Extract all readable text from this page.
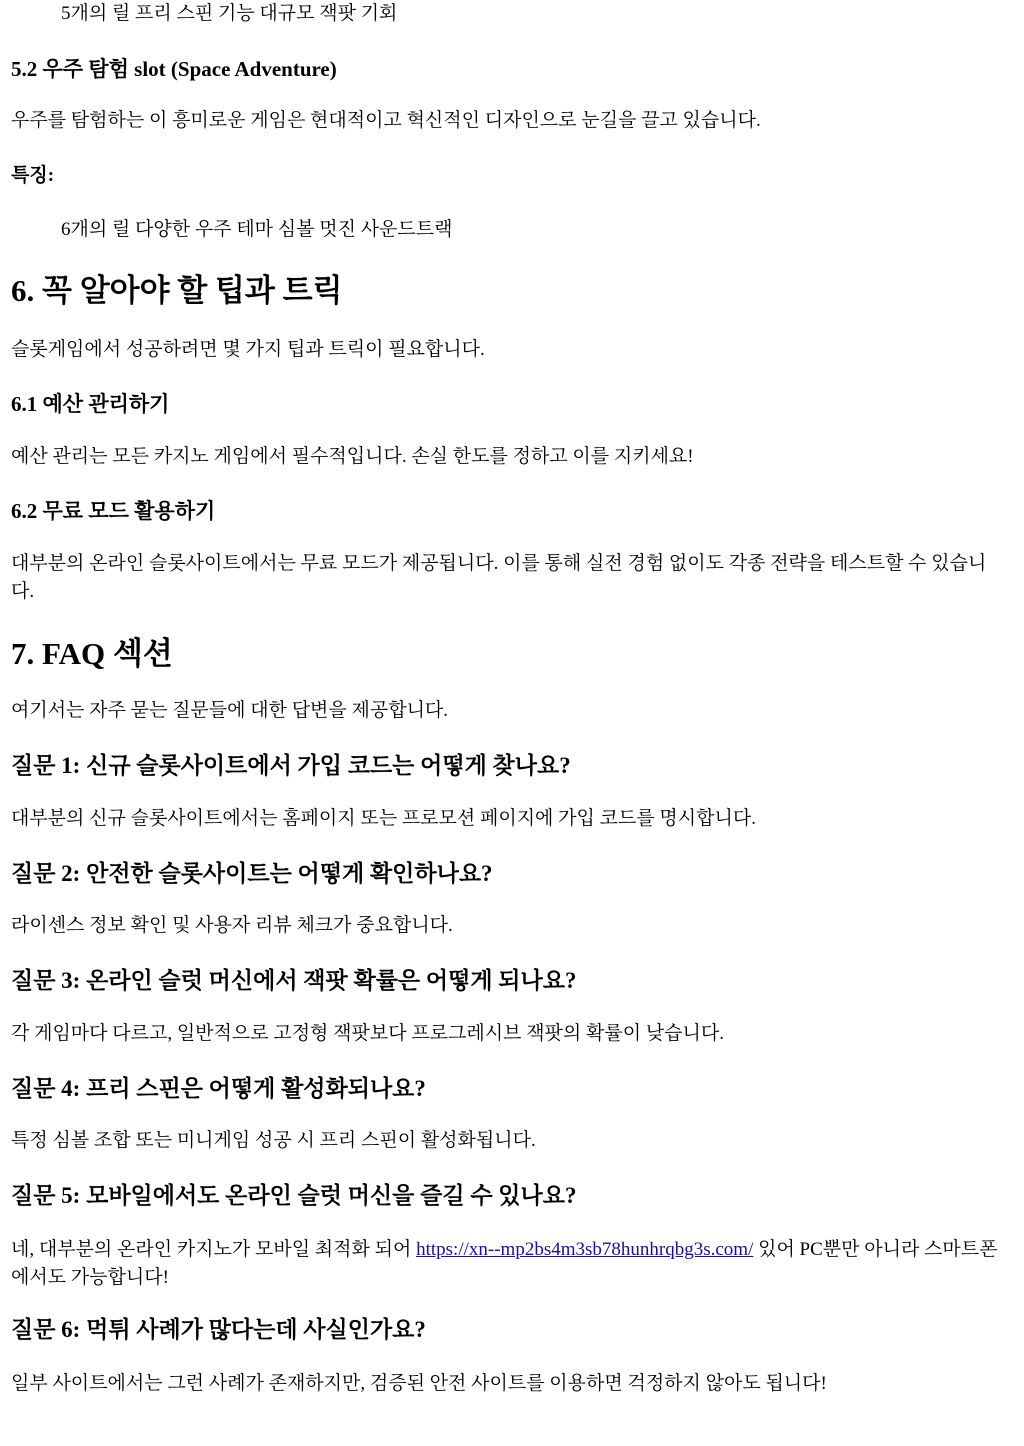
5개의 릴 프리 스핀 기능 대규모 잭팟 기회
5.2 우주 탐험 slot (Space Adventure)

우주를 탐험하는 이 흥미로운 게임은 현대적이고 혁신적인 디자인으로 눈길을 끌고 있습니다.

특징:

6개의 릴 다양한 우주 테마 심볼 멋진 사운드트랙
6. 꼭 알아야 할 팁과 트릭

슬롯게임에서 성공하려면 몇 가지 팁과 트릭이 필요합니다.

6.1 예산 관리하기

예산 관리는 모든 카지노 게임에서 필수적입니다. 손실 한도를 정하고 이를 지키세요!

6.2 무료 모드 활용하기

대부분의 온라인 슬롯사이트에서는 무료 모드가 제공됩니다. 이를 통해 실전 경험 없이도 각종 전략을 테스트할 수 있습니다.

7. FAQ 섹션

여기서는 자주 묻는 질문들에 대한 답변을 제공합니다.

질문 1: 신규 슬롯사이트에서 가입 코드는 어떻게 찾나요?

대부분의 신규 슬롯사이트에서는 홈페이지 또는 프로모션 페이지에 가입 코드를 명시합니다.

질문 2: 안전한 슬롯사이트는 어떻게 확인하나요?

라이센스 정보 확인 및 사용자 리뷰 체크가 중요합니다.

질문 3: 온라인 슬럿 머신에서 잭팟 확률은 어떻게 되나요?

각 게임마다 다르고, 일반적으로 고정형 잭팟보다 프로그레시브 잭팟의 확률이 낮습니다.

질문 4: 프리 스핀은 어떻게 활성화되나요?

특정 심볼 조합 또는 미니게임 성공 시 프리 스핀이 활성화됩니다.

질문 5: 모바일에서도 온라인 슬럿 머신을 즐길 수 있나요?

네, 대부분의 온라인 카지노가 모바일 최적화 되어 https://xn--mp2bs4m3sb78hunhrqbg3s.com/ 있어 PC뿐만 아니라 스마트폰에서도 가능합니다!

질문 6: 먹튀 사례가 많다는데 사실인가요?

일부 사이트에서는 그런 사례가 존재하지만, 검증된 안전 사이트를 이용하면 걱정하지 않아도 됩니다!
